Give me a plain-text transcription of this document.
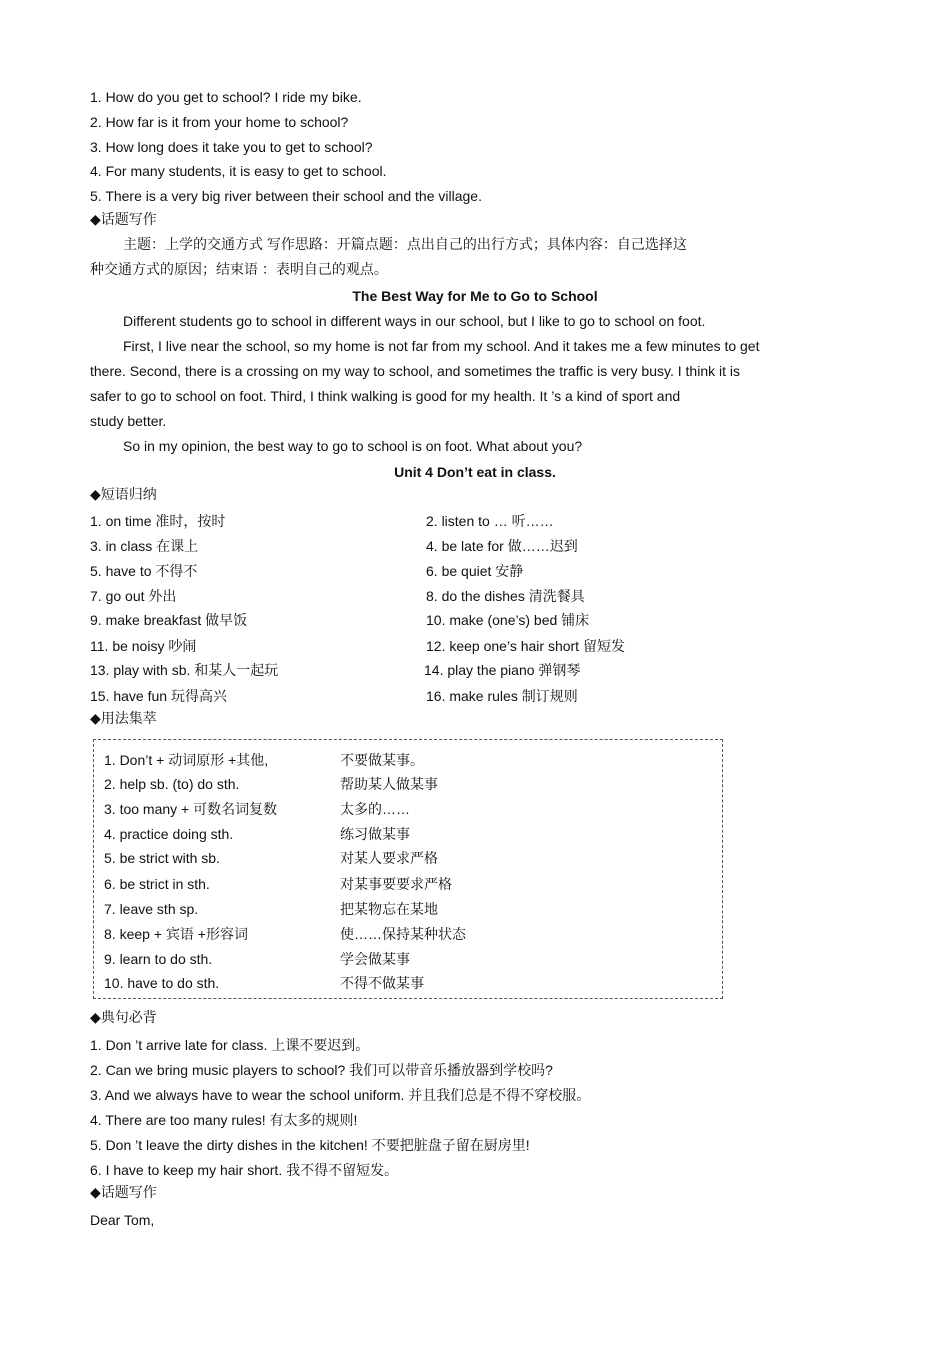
1. How do you get to school? I ride my bike.
2. How far is it from your home to school?
3. How long does it take you to get to school?
4. For many students, it is easy to get to school.
5. There is a very big river between their school and the village.
◆话题写作
主题：上学的交通方式 写作思路：开篇点题：点出自己的出行方式；具体内容：自己选择这
种交通方式的原因；结束语 ：表明自己的观点。
The Best Way for Me to Go to School
Different students go to school in different ways in our school, but I like to go to school on foot.
First, I live near the school, so my home is not far from my school. And it takes me a few minutes to get
there. Second, there is a crossing on my way to school, and sometimes the traffic is very busy. I think it is
safer to go to school on foot. Third, I think walking is good for my health. It ’s a kind of sport and
study better.
So in my opinion, the best way to go to school is on foot. What about you?
Unit 4 Don’t eat in class.
◆短语归纳
1. on time 准时，按时	2. listen to … 听……
3. in class 在课上	4. be late for 做……迟到
5. have to 不得不	6. be quiet 安静
7. go out 外出	8. do the dishes 清洗餐具
9. make breakfast 做早饭	10. make (one’s) bed 铺床
11. be noisy 吵闹	12. keep one’s hair short 留短发
13. play with sb. 和某人一起玩	14. play the piano 弹钢琴
15. have fun 玩得高兴	16. make rules 制订规则
◆用法集萃
1. Don’t + 动词原形 +其他,	不要做某事。
2. help sb. (to) do sth.	帮助某人做某事
3. too many + 可数名词复数	太多的……
4. practice doing sth.	练习做某事
5. be strict with sb.	对某人要求严格
6. be strict in sth.	对某事要要求严格
7. leave sth sp.	把某物忘在某地
8. keep + 宾语 +形容词	使……保持某种状态
9. learn to do sth.	学会做某事
10. have to do sth.	不得不做某事
◆典句必背
1. Don ’t arrive late for class. 上课不要迟到。
2. Can we bring music players to school? 我们可以带音乐播放器到学校吗?
3. And we always have to wear the school uniform. 并且我们总是不得不穿校服。
4. There are too many rules! 有太多的规则!
5. Don ’t leave the dirty dishes in the kitchen! 不要把脏盘子留在厨房里!
6. I have to keep my hair short. 我不得不留短发。
◆话题写作
Dear Tom,
